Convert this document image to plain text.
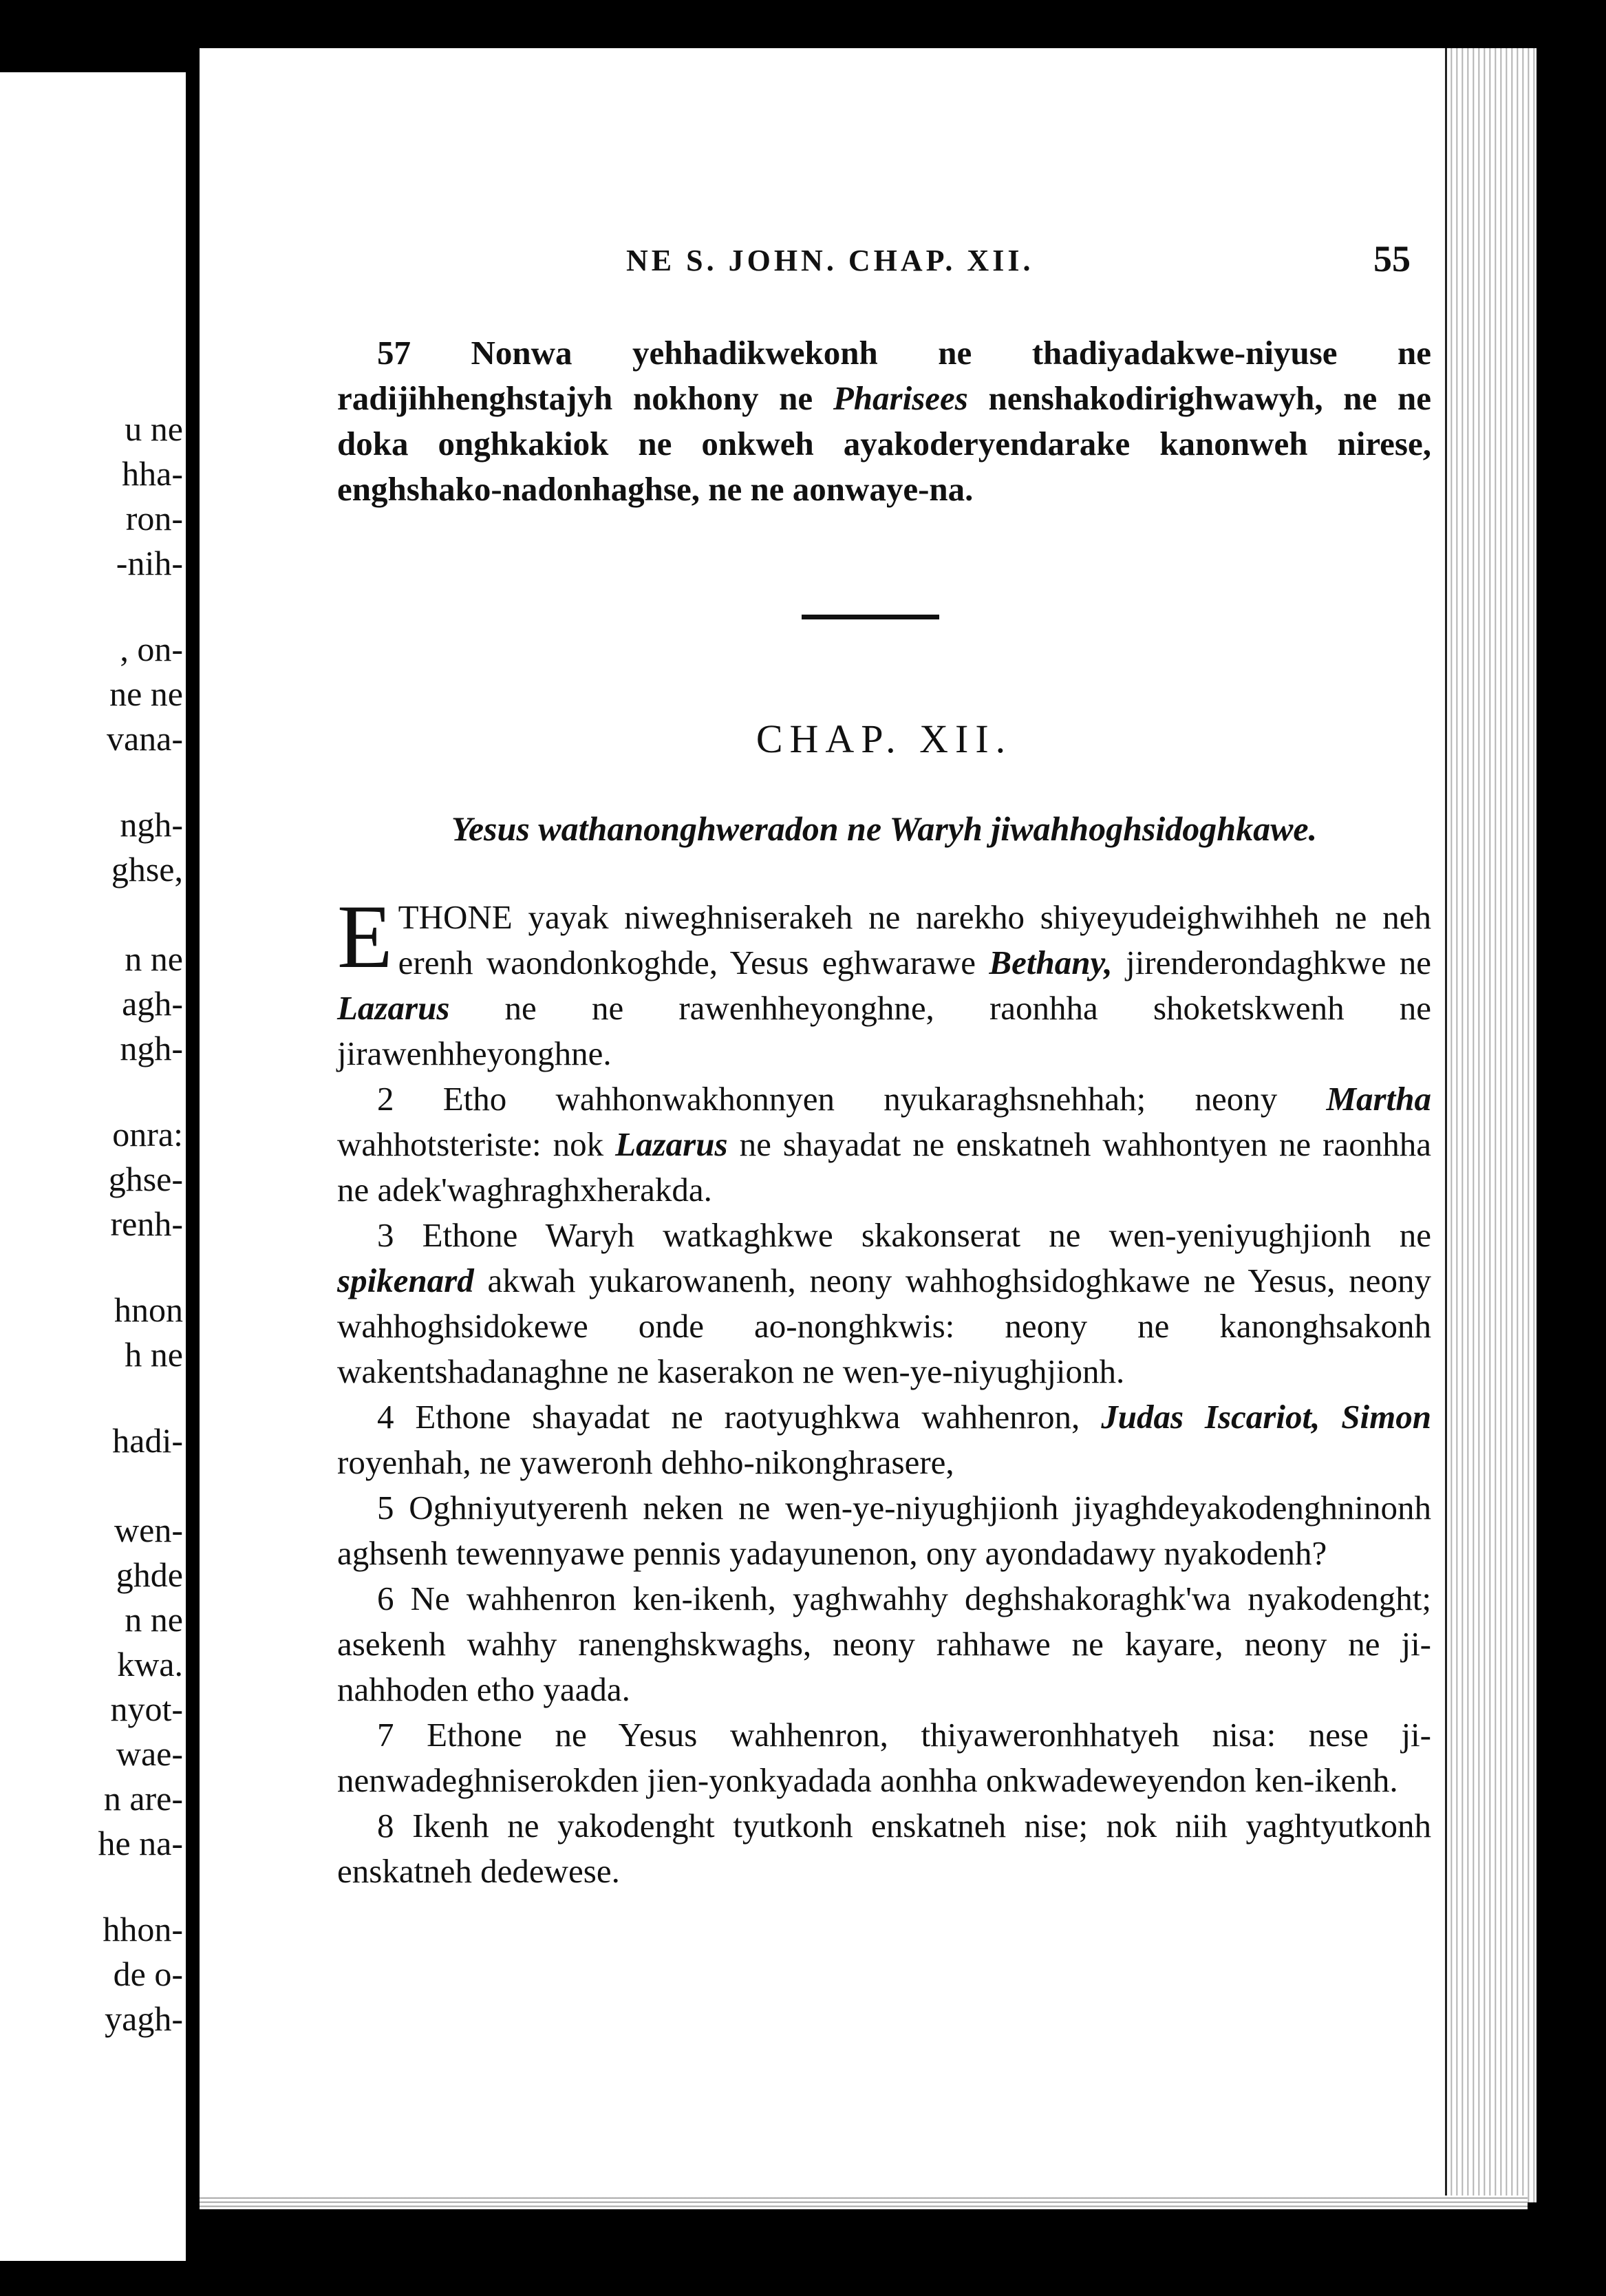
u ne
hha-
ron-
-nih-
, on-
ne ne
vana-
ngh-
ghse,
n ne
agh-
ngh-
onra:
ghse-
renh-
hnon
h ne
hadi-
wen-
ghde
n ne
kwa.
nyot-
wae-
n are-
he na-
hhon-
de o-
yagh-
NE S. JOHN. CHAP. XII.	55

57 Nonwa yehhadikwekonh ne thadiyadakwe-niyuse ne radijihhenghstajyh nokhony ne Pharisees nenshakodirighwawyh, ne ne doka onghkakiok ne onkweh ayakoderyendarake kanonweh nirese, enghshako-nadonhaghse, ne ne aonwaye-na.

CHAP. XII.
Yesus wathanonghweradon ne Waryh jiwahhoghsidoghkawe.

ETHONE yayak niweghniserakeh ne narekho shiyeyudeighwihheh ne neh erenh waondonkoghde, Yesus eghwarawe Bethany, jirenderondaghkwe ne Lazarus ne ne rawenhheyonghne, raonhha shoketskwenh ne jirawenhheyonghne.

2 Etho wahhonwakhonnyen nyukaraghsnehhah; neony Martha wahhotsteriste: nok Lazarus ne shayadat ne enskatneh wahhontyen ne raonhha ne adek'waghraghxherakda.

3 Ethone Waryh watkaghkwe skakonserat ne wen-yeniyughjionh ne spikenard akwah yukarowanenh, neony wahhoghsidoghkawe ne Yesus, neony wahhoghsidokewe onde ao-nonghkwis: neony ne kanonghsakonh wakentshadanaghne ne kaserakon ne wen-ye-niyughjionh.

4 Ethone shayadat ne raotyughkwa wahhenron, Judas Iscariot, Simon royenhah, ne yaweronh dehho-nikonghrasere,

5 Oghniyutyerenh neken ne wen-ye-niyughjionh jiyaghdeyakodenghninonh aghsenh tewennyawe pennis yadayunenon, ony ayondadawy nyakodenh?

6 Ne wahhenron ken-ikenh, yaghwahhy deghshakoraghk'wa nyakodenght; asekenh wahhy ranenghskwaghs, neony rahhawe ne kayare, neony ne ji-nahhoden etho yaada.

7 Ethone ne Yesus wahhenron, thiyaweronhhatyeh nisa: nese ji-nenwadeghniserokden jien-yonkyadada aonhha onkwadeweyendon ken-ikenh.

8 Ikenh ne yakodenght tyutkonh enskatneh nise; nok niih yaghtyutkonh enskatneh dedewese.
